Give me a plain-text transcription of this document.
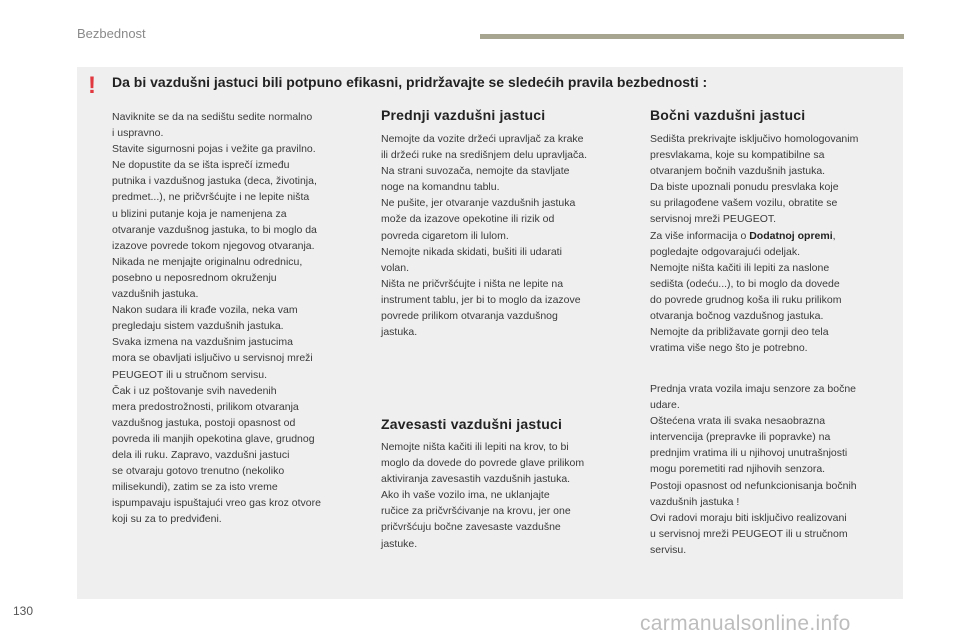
Bezbednost
! Da bi vazdušni jastuci bili potpuno efikasni, pridržavajte se sledećih pravila bezbednosti :

Naviknite se da na sedištu sedite normalno

i uspravno.

Stavite sigurnosni pojas i vežite ga pravilno.

Ne dopustite da se išta isprečí između

putnika i vazdušnog jastuka (deca, životinja,

predmet...), ne pričvršćujte i ne lepite ništa

u blizini putanje koja je namenjena za

otvaranje vazdušnog jastuka, to bi moglo da

izazove povrede tokom njegovog otvaranja.

Nikada ne menjajte originalnu odrednicu,

posebno u neposrednom okruženju

vazdušnih jastuka.

Nakon sudara ili krađe vozila, neka vam

pregledaju sistem vazdušnih jastuka.

Svaka izmena na vazdušnim jastucima

mora se obavljati isljučivo u servisnoj mreži

PEUGEOT ili u stručnom servisu.

Čak i uz poštovanje svih navedenih

mera predostrožnosti, prilikom otvaranja

vazdušnog jastuka, postoji opasnost od

povreda ili manjih opekotina glave, grudnog

dela ili ruku. Zapravo, vazdušni jastuci

se otvaraju gotovo trenutno (nekoliko

milisekundi), zatim se za isto vreme

ispumpavaju ispuštajući vreo gas kroz otvore

koji su za to predviđeni.

Prednji vazdušni jastuci

Nemojte da vozite držeći upravljač za krake

ili držeći ruke na središnjem delu upravljača.

Na strani suvozača, nemojte da stavljate

noge na komandnu tablu.

Ne pušite, jer otvaranje vazdušnih jastuka

može da izazove opekotine ili rizik od

povreda cigaretom ili lulom.

Nemojte nikada skidati, bušiti ili udarati

volan.

Ništa ne pričvršćujte i ništa ne lepite na

instrument tablu, jer bi to moglo da izazove

povrede prilikom otvaranja vazdušnog

jastuka.

Zavesasti vazdušni jastuci

Nemojte ništa kačiti ili lepiti na krov, to bi

moglo da dovede do povrede glave prilikom

aktiviranja zavesastih vazdušnih jastuka.

Ako ih vaše vozilo ima, ne uklanjajte

ručice za pričvršćivanje na krovu, jer one

pričvršćuju bočne zavesaste vazdušne

jastuke.

Bočni vazdušni jastuci

Sedišta prekrivajte isključivo homologovanim

presvlakama, koje su kompatibilne sa

otvaranjem bočnih vazdušnih jastuka.

Da biste upoznali ponudu presvlaka koje

su prilagođene vašem vozilu, obratite se

servisnoj mreži PEUGEOT.

Za više informacija o Dodatnoj opremi,

pogledajte odgovarajući odeljak.

Nemojte ništa kačiti ili lepiti za naslone

sedišta (odeću...), to bi moglo da dovede

do povrede grudnog koša ili ruku prilikom

otvaranja bočnog vazdušnog jastuka.

Nemojte da približavate gornji deo tela

vratima više nego što je potrebno.

Prednja vrata vozila imaju senzore za bočne

udare.

Oštećena vrata ili svaka nesaobrazna

intervencija (prepravke ili popravke) na

prednjim vratima ili u njihovoj unutrašnjosti

mogu poremetiti rad njihovih senzora.

Postoji opasnost od nefunkcionisanja bočnih

vazdušnih jastuka !

Ovi radovi moraju biti isključivo realizovani

u servisnoj mreži PEUGEOT ili u stručnom

servisu.

130
carmanualsonline.info
